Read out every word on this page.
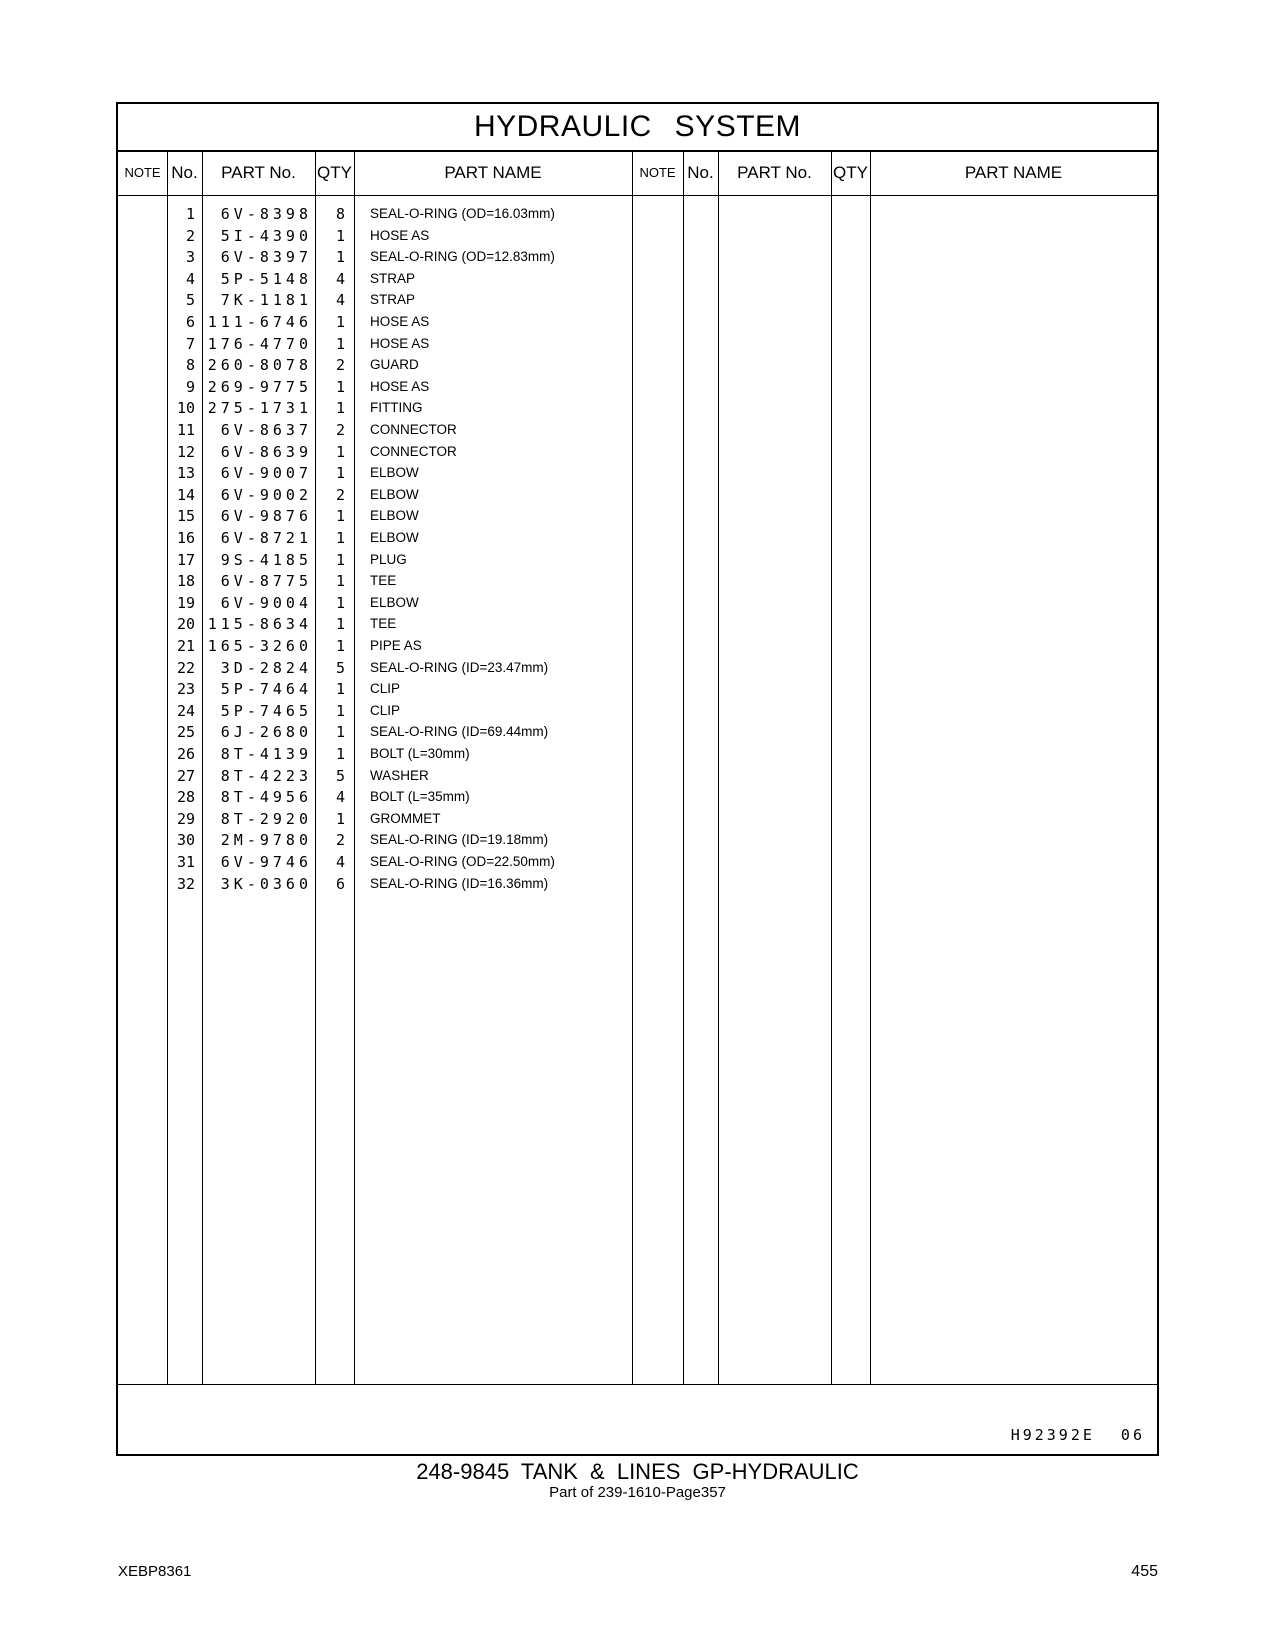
HYDRAULIC SYSTEM
NOTE No.	PART No.	QTY	PART NAME	NOTE No.	PART No.	QTY	PART NAME
1	6V-8398	8 SEAL-O-RING (OD=16.03mm)
2	5I-4390	1 HOSE AS
3	6V-8397	1 SEAL-O-RING (OD=12.83mm)
4	5P-5148	4 STRAP
5	7K-1181	4 STRAP
6 111-6746	1 HOSE AS
7 176-4770	1 HOSE AS
8 260-8078	2 GUARD
9 269-9775	1 HOSE AS
10 275-1731	1 FITTING
11	6V-8637	2 CONNECTOR
12	6V-8639	1 CONNECTOR
13	6V-9007	1 ELBOW
14	6V-9002	2 ELBOW
15	6V-9876	1 ELBOW
16	6V-8721	1 ELBOW
17	9S-4185	1 PLUG
18	6V-8775	1 TEE
19	6V-9004	1 ELBOW
20 115-8634	1 TEE
21 165-3260	1 PIPE AS
22	3D-2824	5 SEAL-O-RING (ID=23.47mm)
23	5P-7464	1 CLIP
24	5P-7465	1 CLIP
25	6J-2680	1 SEAL-O-RING (ID=69.44mm)
26	8T-4139	1 BOLT (L=30mm)
27	8T-4223	5 WASHER
28	8T-4956	4 BOLT (L=35mm)
29	8T-2920	1 GROMMET
30	2M-9780	2 SEAL-O-RING (ID=19.18mm)
31	6V-9746	4 SEAL-O-RING (OD=22.50mm)
32	3K-0360	6 SEAL-O-RING (ID=16.36mm)
H92392E 06
248-9845 TANK & LINES GP-HYDRAULIC
Part of 239-1610-Page357
XEBP8361	455
